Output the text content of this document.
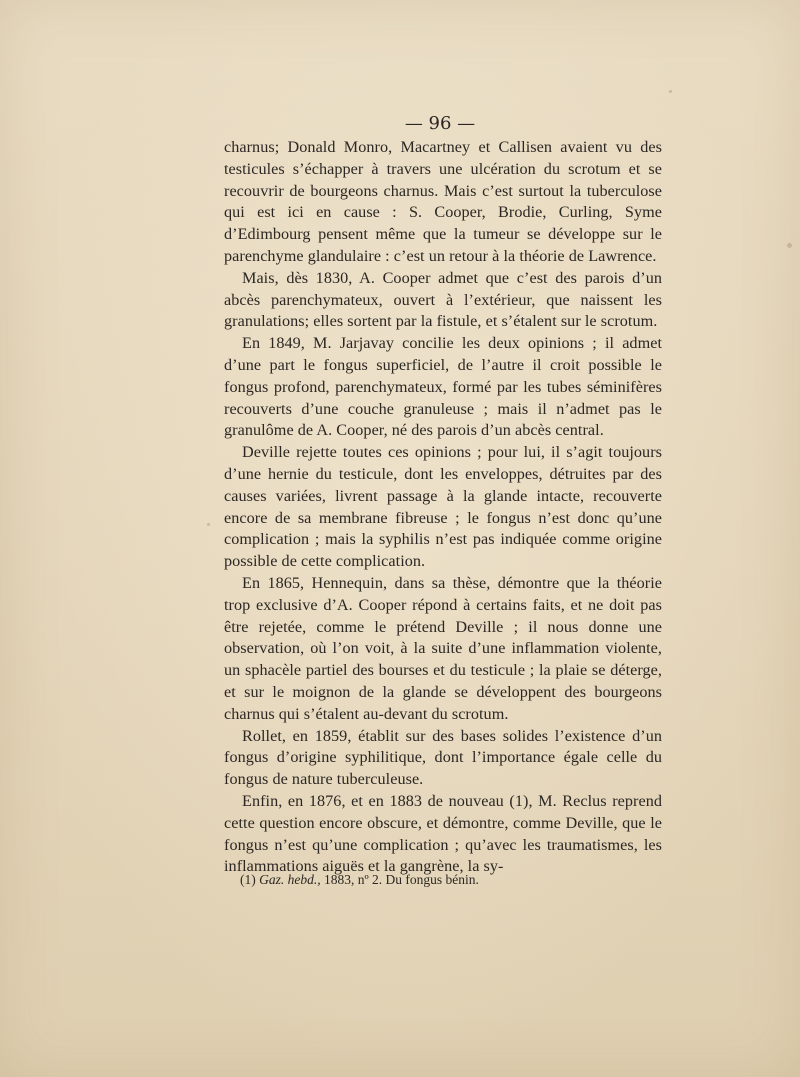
— 96 —

charnus; Donald Monro, Macartney et Callisen avaient vu des testicules s’échapper à travers une ulcération du scrotum et se recouvrir de bourgeons charnus. Mais c’est surtout la tuberculose qui est ici en cause : S. Cooper, Brodie, Curling, Syme d’Edimbourg pensent même que la tumeur se développe sur le parenchyme glandulaire : c’est un retour à la théorie de Lawrence.

Mais, dès 1830, A. Cooper admet que c’est des parois d’un abcès parenchymateux, ouvert à l’extérieur, que naissent les granulations; elles sortent par la fistule, et s’étalent sur le scrotum.

En 1849, M. Jarjavay concilie les deux opinions ; il admet d’une part le fongus superficiel, de l’autre il croit possible le fongus profond, parenchymateux, formé par les tubes séminifères recouverts d’une couche granuleuse ; mais il n’admet pas le granulôme de A. Cooper, né des parois d’un abcès central.

Deville rejette toutes ces opinions ; pour lui, il s’agit toujours d’une hernie du testicule, dont les enveloppes, détruites par des causes variées, livrent passage à la glande intacte, recouverte encore de sa membrane fibreuse ; le fongus n’est donc qu’une complication ; mais la syphilis n’est pas indiquée comme origine possible de cette complication.

En 1865, Hennequin, dans sa thèse, démontre que la théorie trop exclusive d’A. Cooper répond à certains faits, et ne doit pas être rejetée, comme le prétend Deville ; il nous donne une observation, où l’on voit, à la suite d’une inflammation violente, un sphacèle partiel des bourses et du testicule ; la plaie se déterge, et sur le moignon de la glande se développent des bourgeons charnus qui s’étalent au-devant du scrotum.

Rollet, en 1859, établit sur des bases solides l’existence d’un fongus d’origine syphilitique, dont l’importance égale celle du fongus de nature tuberculeuse.

Enfin, en 1876, et en 1883 de nouveau (1), M. Reclus reprend cette question encore obscure, et démontre, comme Deville, que le fongus n’est qu’une complication ; qu’avec les traumatismes, les inflammations aiguës et la gangrène, la sy-

(1) Gaz. hebd., 1883, nº 2. Du fongus bénin.
